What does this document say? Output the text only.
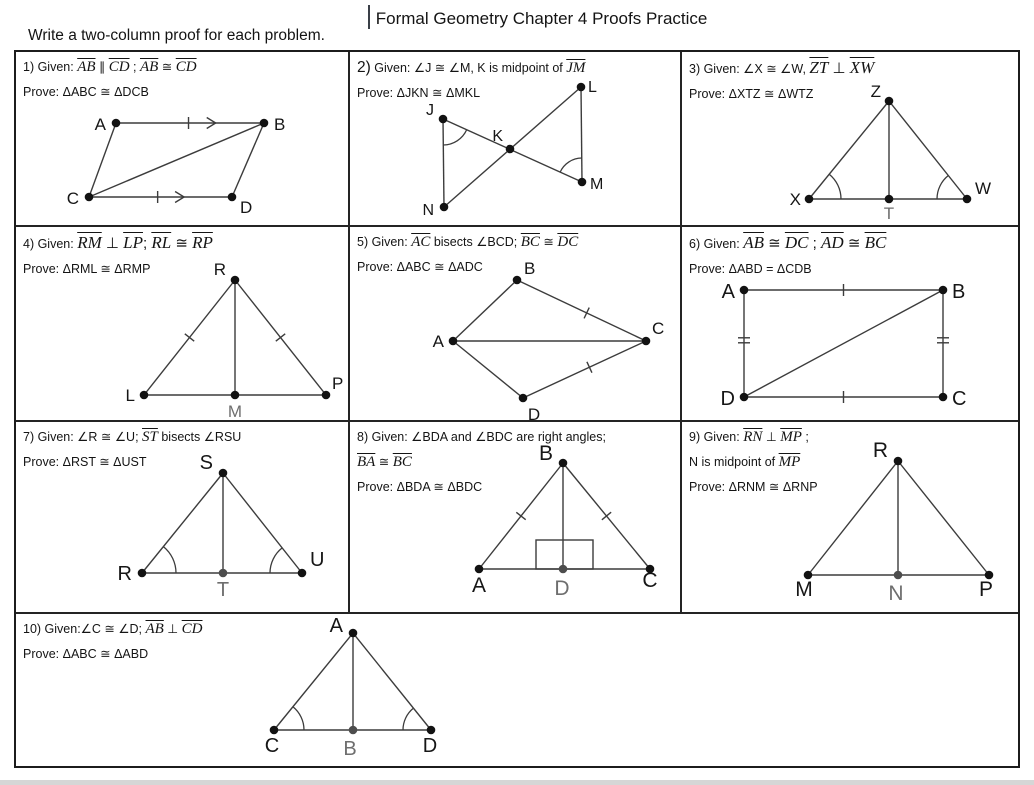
Formal Geometry Chapter 4 Proofs Practice
Write a two-column proof for each problem.
A	B
C	D
1) Given: $\overline{AB}$ ∥ $\overline{CD}$ ; $\overline{AB}$ ≅ $\overline{CD}$
Prove: ΔABC ≅ ΔDCB
J
L
N
M
K
2) Given: ∠J ≅ ∠M, K is midpoint of $\overline{JM}$
Prove: ΔJKN ≅ ΔMKL	Z
X
W
T
3) Given: ∠X ≅ ∠W, $\overline{ZT}$ ⊥ $\overline{XW}$
Prove: ΔXTZ ≅ ΔWTZ
R
L
P
M
4) Given: $\overline{RM}$ ⊥ $\overline{LP}$; $\overline{RL}$ ≅ $\overline{RP}$
Prove: ΔRML ≅ ΔRMP	B
A
C
D
5) Given: $\overline{AC}$ bisects ∠BCD; $\overline{BC}$ ≅ $\overline{DC}$
Prove: ΔABC ≅ ΔADC
A	B
D	C
6) Given: $\overline{AB}$ ≅ $\overline{DC}$ ; $\overline{AD}$ ≅ $\overline{BC}$
Prove: ΔABD = ΔCDB
S
R
U
T
7) Given: ∠R ≅ ∠U; $\overline{ST}$ bisects ∠RSU
Prove: ΔRST ≅ ΔUST	B
A	C
D
8) Given: ∠BDA and ∠BDC are right angles;
$\overline{BA}$ ≅ $\overline{BC}$
Prove: ΔBDA ≅ ΔBDC
R
M	P
N
9) Given: $\overline{RN}$ ⊥ $\overline{MP}$ ;
N is midpoint of $\overline{MP}$
Prove: ΔRNM ≅ ΔRNP
A
C	D
B
10) Given:∠C ≅ ∠D; $\overline{AB}$ ⊥ $\overline{CD}$
Prove: ΔABC ≅ ΔABD
